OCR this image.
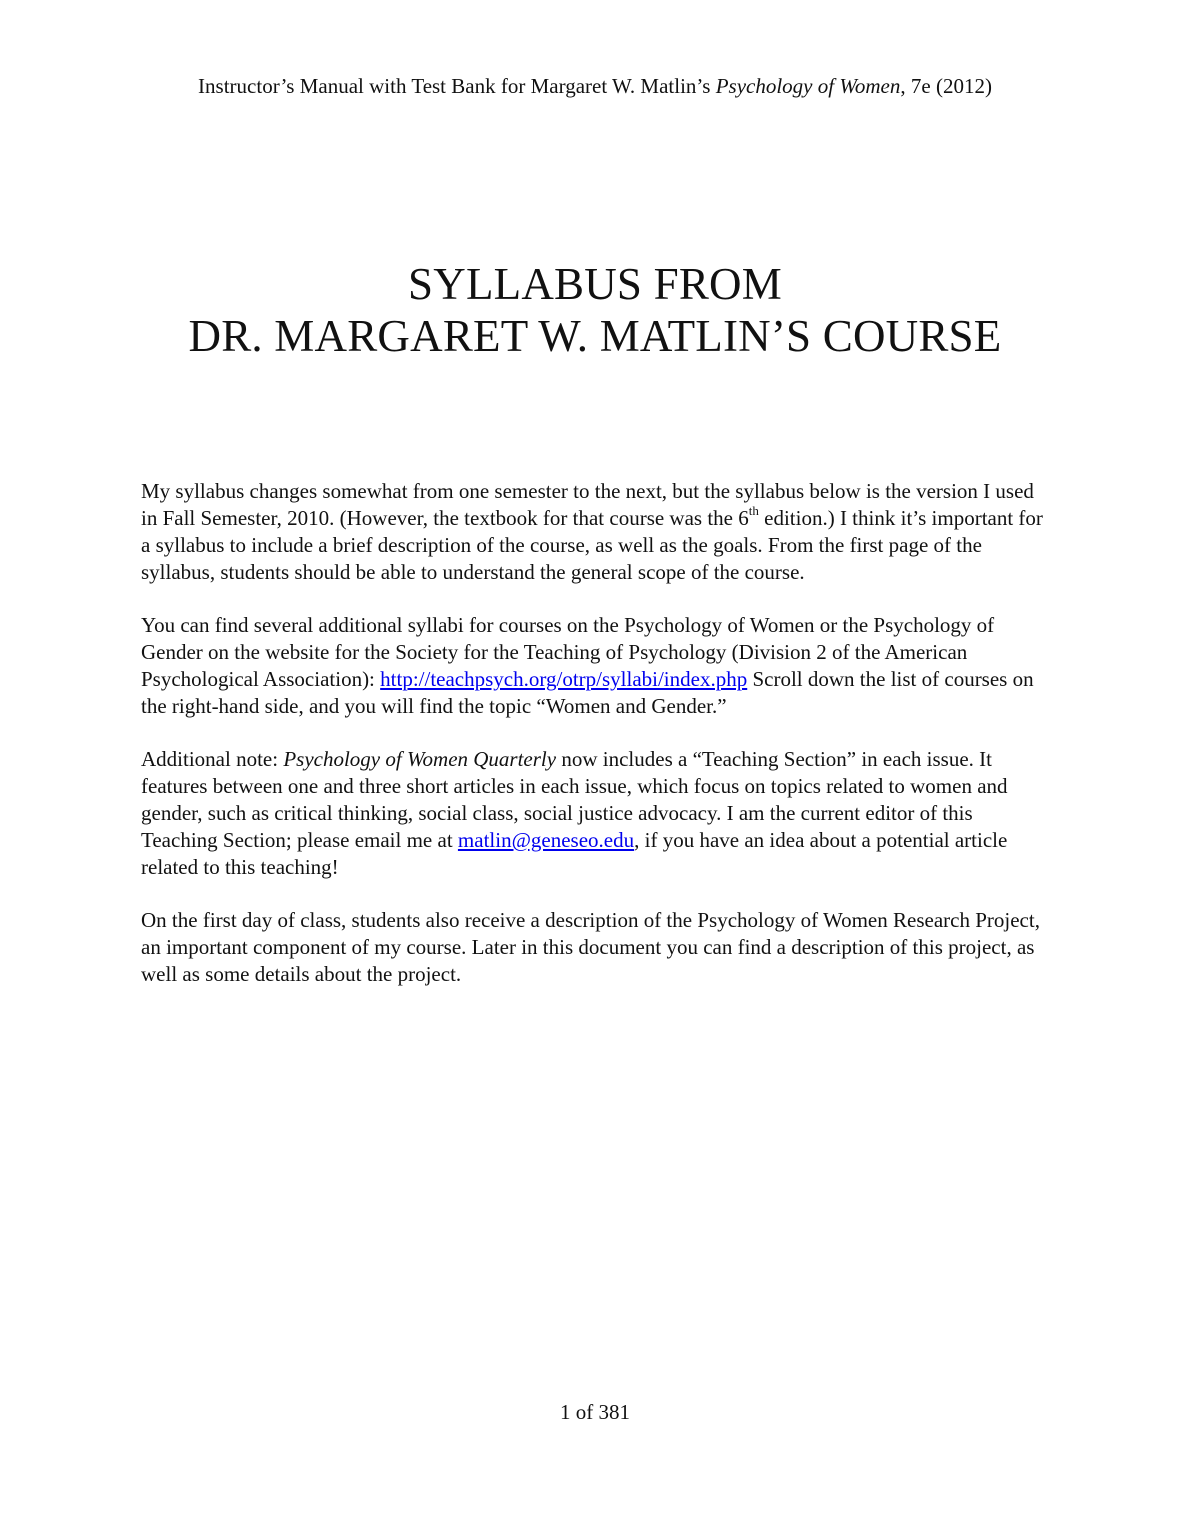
Instructor’s Manual with Test Bank for Margaret W. Matlin’s Psychology of Women, 7e (2012)
SYLLABUS FROM
DR. MARGARET W. MATLIN’S COURSE

My syllabus changes somewhat from one semester to the next, but the syllabus below is the version I used in Fall Semester, 2010. (However, the textbook for that course was the 6th edition.) I think it’s important for a syllabus to include a brief description of the course, as well as the goals. From the first page of the syllabus, students should be able to understand the general scope of the course.

You can find several additional syllabi for courses on the Psychology of Women or the Psychology of Gender on the website for the Society for the Teaching of Psychology (Division 2 of the American Psychological Association): http://teachpsych.org/otrp/syllabi/index.php Scroll down the list of courses on the right-hand side, and you will find the topic “Women and Gender.”

Additional note: Psychology of Women Quarterly now includes a “Teaching Section” in each issue. It features between one and three short articles in each issue, which focus on topics related to women and gender, such as critical thinking, social class, social justice advocacy. I am the current editor of this Teaching Section; please email me at matlin@geneseo.edu, if you have an idea about a potential article related to this teaching!

On the first day of class, students also receive a description of the Psychology of Women Research Project, an important component of my course. Later in this document you can find a description of this project, as well as some details about the project.

1 of 381
